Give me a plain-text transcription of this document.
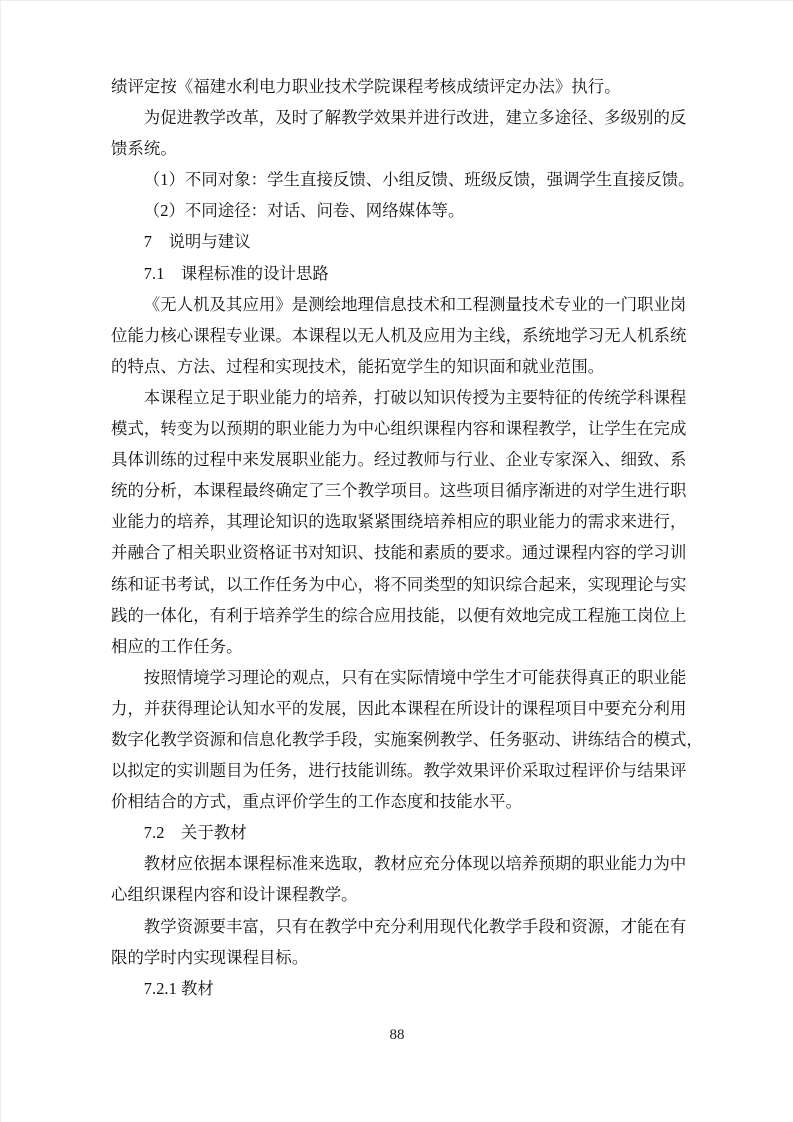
绩评定按《福建水利电力职业技术学院课程考核成绩评定办法》执行。
为促进教学改革，及时了解教学效果并进行改进，建立多途径、多级别的反
馈系统。
（1）不同对象：学生直接反馈、小组反馈、班级反馈，强调学生直接反馈。
（2）不同途径：对话、问卷、网络媒体等。
7　说明与建议
7.1　课程标准的设计思路
《无人机及其应用》是测绘地理信息技术和工程测量技术专业的一门职业岗
位能力核心课程专业课。本课程以无人机及应用为主线，系统地学习无人机系统
的特点、方法、过程和实现技术，能拓宽学生的知识面和就业范围。
本课程立足于职业能力的培养，打破以知识传授为主要特征的传统学科课程
模式，转变为以预期的职业能力为中心组织课程内容和课程教学，让学生在完成
具体训练的过程中来发展职业能力。经过教师与行业、企业专家深入、细致、系
统的分析，本课程最终确定了三个教学项目。这些项目循序渐进的对学生进行职
业能力的培养，其理论知识的选取紧紧围绕培养相应的职业能力的需求来进行，
并融合了相关职业资格证书对知识、技能和素质的要求。通过课程内容的学习训
练和证书考试，以工作任务为中心，将不同类型的知识综合起来，实现理论与实
践的一体化，有利于培养学生的综合应用技能，以便有效地完成工程施工岗位上
相应的工作任务。
按照情境学习理论的观点，只有在实际情境中学生才可能获得真正的职业能
力，并获得理论认知水平的发展，因此本课程在所设计的课程项目中要充分利用
数字化教学资源和信息化教学手段，实施案例教学、任务驱动、讲练结合的模式，
以拟定的实训题目为任务，进行技能训练。教学效果评价采取过程评价与结果评
价相结合的方式，重点评价学生的工作态度和技能水平。
7.2　关于教材
教材应依据本课程标准来选取，教材应充分体现以培养预期的职业能力为中
心组织课程内容和设计课程教学。
教学资源要丰富，只有在教学中充分利用现代化教学手段和资源，才能在有
限的学时内实现课程目标。
7.2.1 教材
88
